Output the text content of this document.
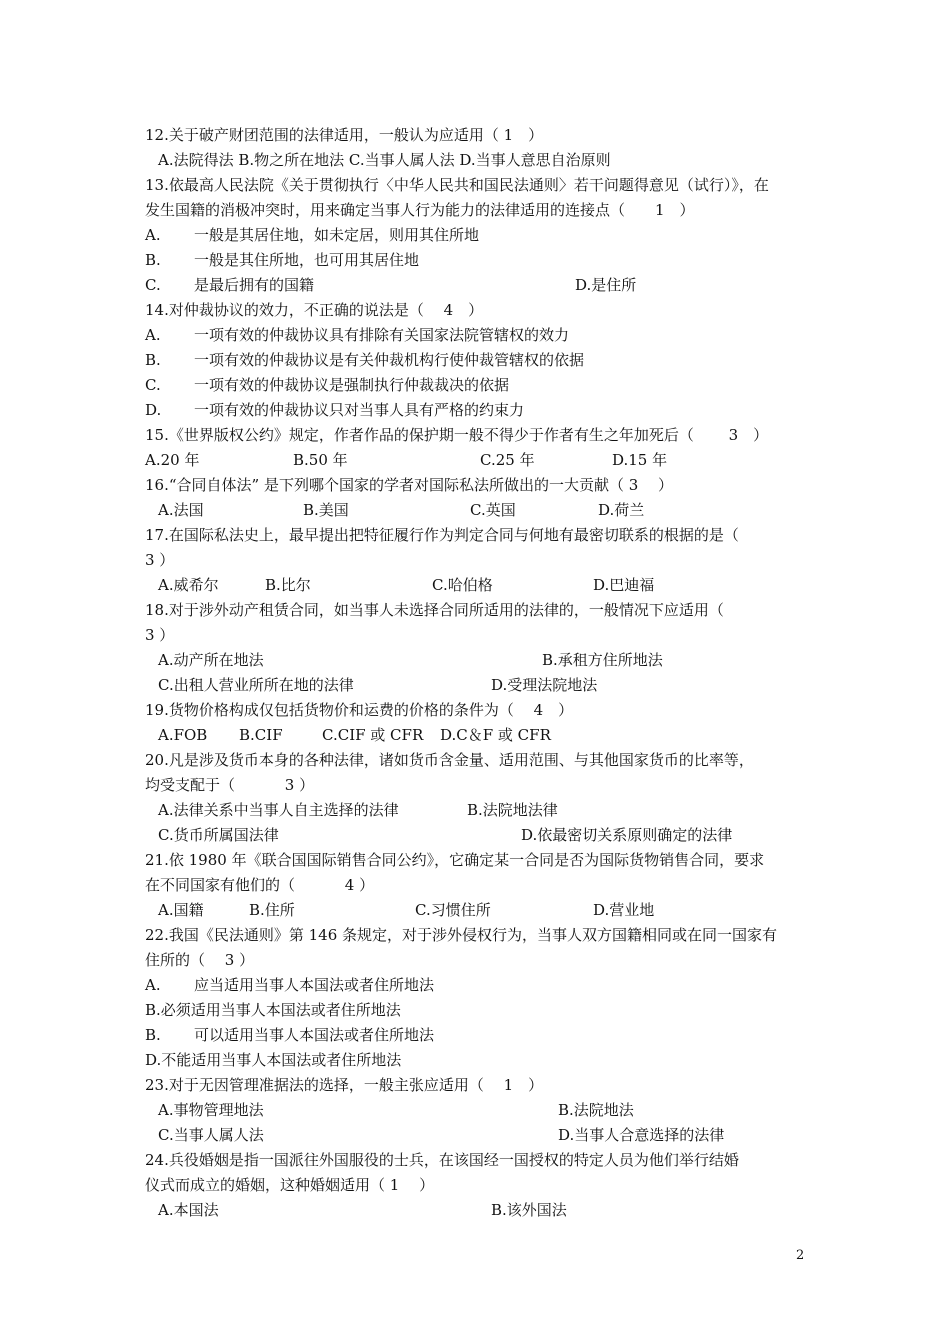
12.关于破产财团范围的法律适用，一般认为应适用（ 1　）
A.法院得法 B.物之所在地法 C.当事人属人法 D.当事人意思自治原则
13.依最高人民法院《关于贯彻执行〈中华人民共和国民法通则〉若干问题得意见（试行）》，在
发生国籍的消极冲突时，用来确定当事人行为能力的法律适用的连接点（　　1　）
A. 一般是其居住地，如未定居，则用其住所地
B. 一般是其住所地，也可用其居住地
C. 是最后拥有的国籍	D.是住所
14.对仲裁协议的效力，不正确的说法是（　 4　）
A. 一项有效的仲裁协议具有排除有关国家法院管辖权的效力
B. 一项有效的仲裁协议是有关仲裁机构行使仲裁管辖权的依据
C. 一项有效的仲裁协议是强制执行仲裁裁决的依据
D. 一项有效的仲裁协议只对当事人具有严格的约束力
15.《世界版权公约》规定，作者作品的保护期一般不得少于作者有生之年加死后（　　 3　）
A.20 年	B.50 年	C.25 年	D.15 年
16.“合同自体法” 是下列哪个国家的学者对国际私法所做出的一大贡献（ 3　 ）
A.法国	B.美国	C.英国	D.荷兰
17.在国际私法史上，最早提出把特征履行作为判定合同与何地有最密切联系的根据的是（
3 ）
A.威希尔	B.比尔	C.哈伯格	D.巴迪福
18.对于涉外动产租赁合同，如当事人未选择合同所适用的法律的，一般情况下应适用（
3 ）
A.动产所在地法	B.承租方住所地法
C.出租人营业所所在地的法律	D.受理法院地法
19.货物价格构成仅包括货物价和运费的价格的条件为（　 4　）
A.FOB B.CIF	C.CIF 或 CFR D.C＆F 或 CFR
20.凡是涉及货币本身的各种法律，诸如货币含金量、适用范围、与其他国家货币的比率等，
均受支配于（　　　 3 ）
A.法律关系中当事人自主选择的法律	B.法院地法律
C.货币所属国法律	D.依最密切关系原则确定的法律
21.依 1980 年《联合国国际销售合同公约》，它确定某一合同是否为国际货物销售合同，要求
在不同国家有他们的（　　　 4 ）
A.国籍	B.住所	C.习惯住所	D.营业地
22.我国《民法通则》第 146 条规定，对于涉外侵权行为，当事人双方国籍相同或在同一国家有
住所的（　 3 ）
A. 应当适用当事人本国法或者住所地法
B.必须适用当事人本国法或者住所地法
B. 可以适用当事人本国法或者住所地法
D.不能适用当事人本国法或者住所地法
23.对于无因管理准据法的选择，一般主张应适用（　 1　）
A.事物管理地法	B.法院地法
C.当事人属人法	D.当事人合意选择的法律
24.兵役婚姻是指一国派往外国服役的士兵，在该国经一国授权的特定人员为他们举行结婚
仪式而成立的婚姻，这种婚姻适用（ 1　 ）
A.本国法	B.该外国法
2
